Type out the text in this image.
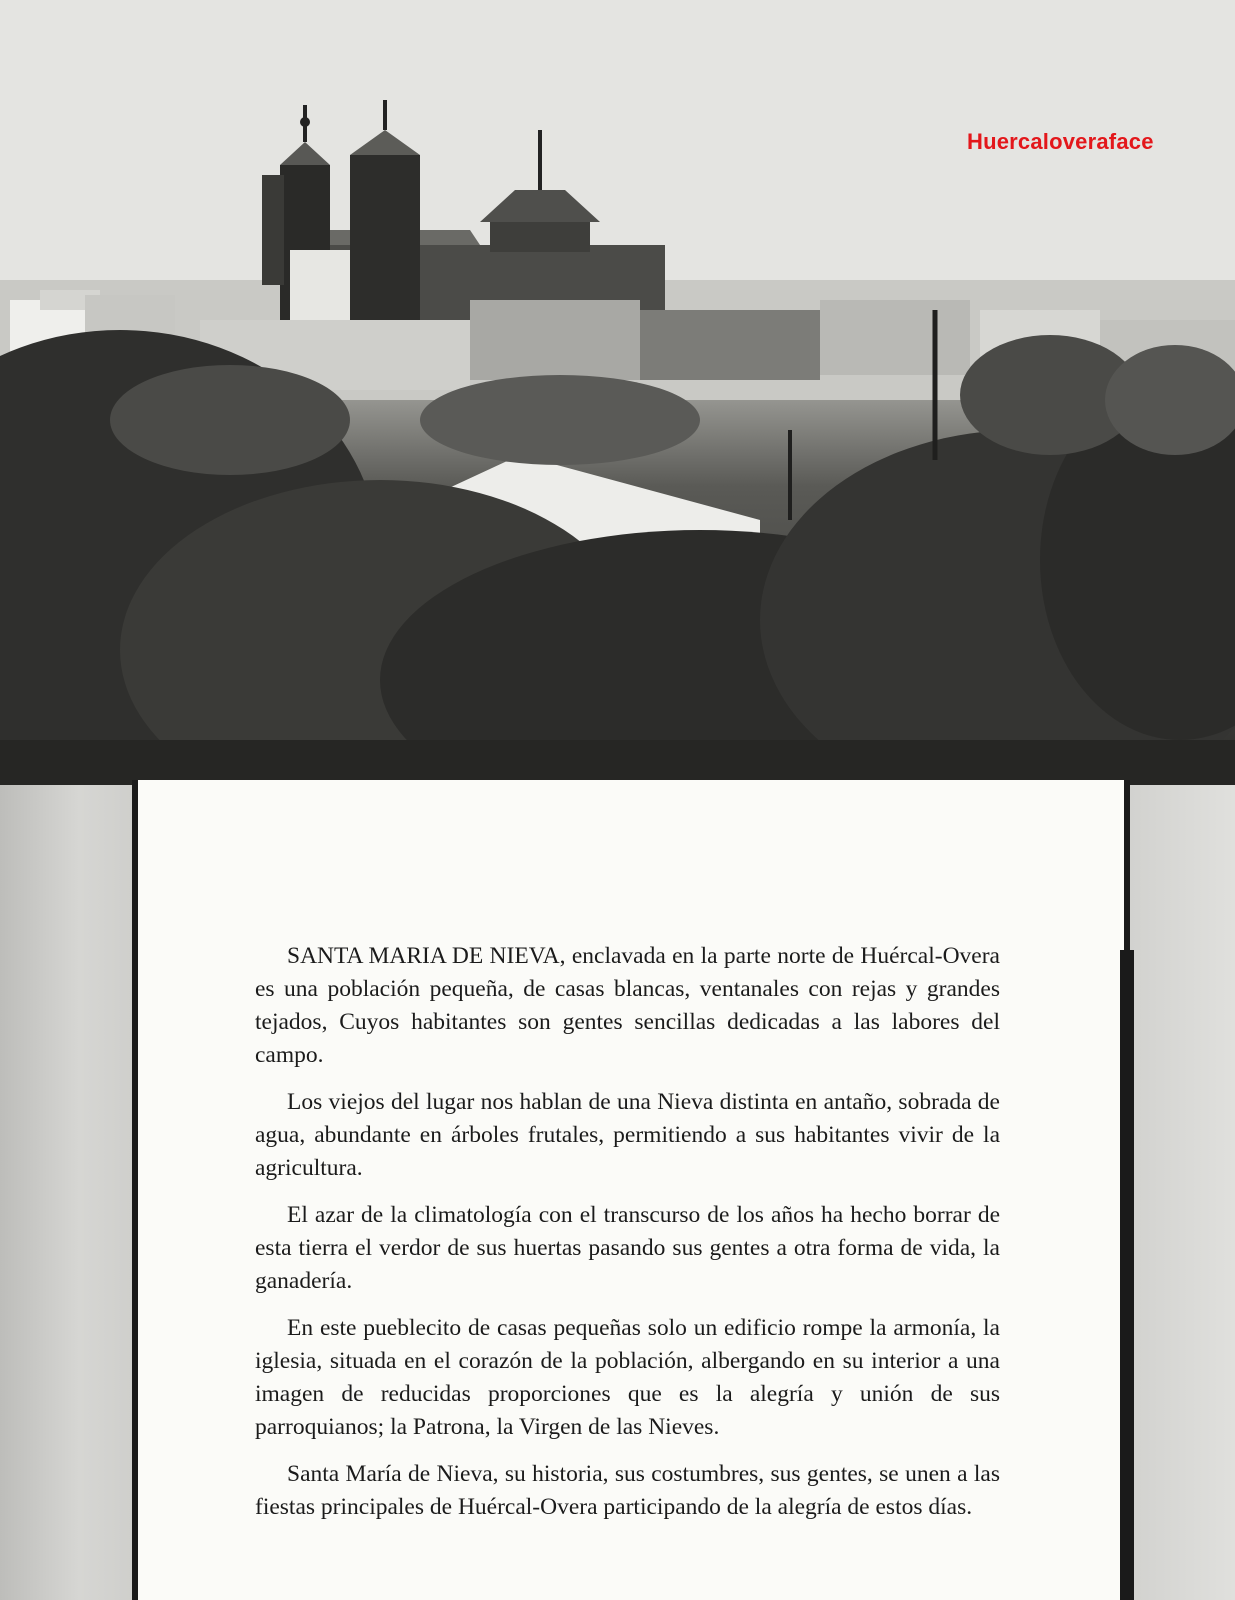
Huercaloveraface

SANTA MARIA DE NIEVA, enclavada en la parte norte de Huércal-Overa es una población pequeña, de casas blancas, ventanales con rejas y grandes tejados, Cuyos habitantes son gentes sencillas dedicadas a las labores del campo.

Los viejos del lugar nos hablan de una Nieva distinta en antaño, sobrada de agua, abundante en árboles frutales, permitiendo a sus habitantes vivir de la agricultura.

El azar de la climatología con el transcurso de los años ha hecho borrar de esta tierra el verdor de sus huertas pasando sus gentes a otra forma de vida, la ganadería.

En este pueblecito de casas pequeñas solo un edificio rompe la armonía, la iglesia, situada en el corazón de la población, albergando en su interior a una imagen de reducidas proporciones que es la alegría y unión de sus parroquianos; la Patrona, la Virgen de las Nieves.

Santa María de Nieva, su historia, sus costumbres, sus gentes, se unen a las fiestas principales de Huércal-Overa participando de la alegría de estos días.
